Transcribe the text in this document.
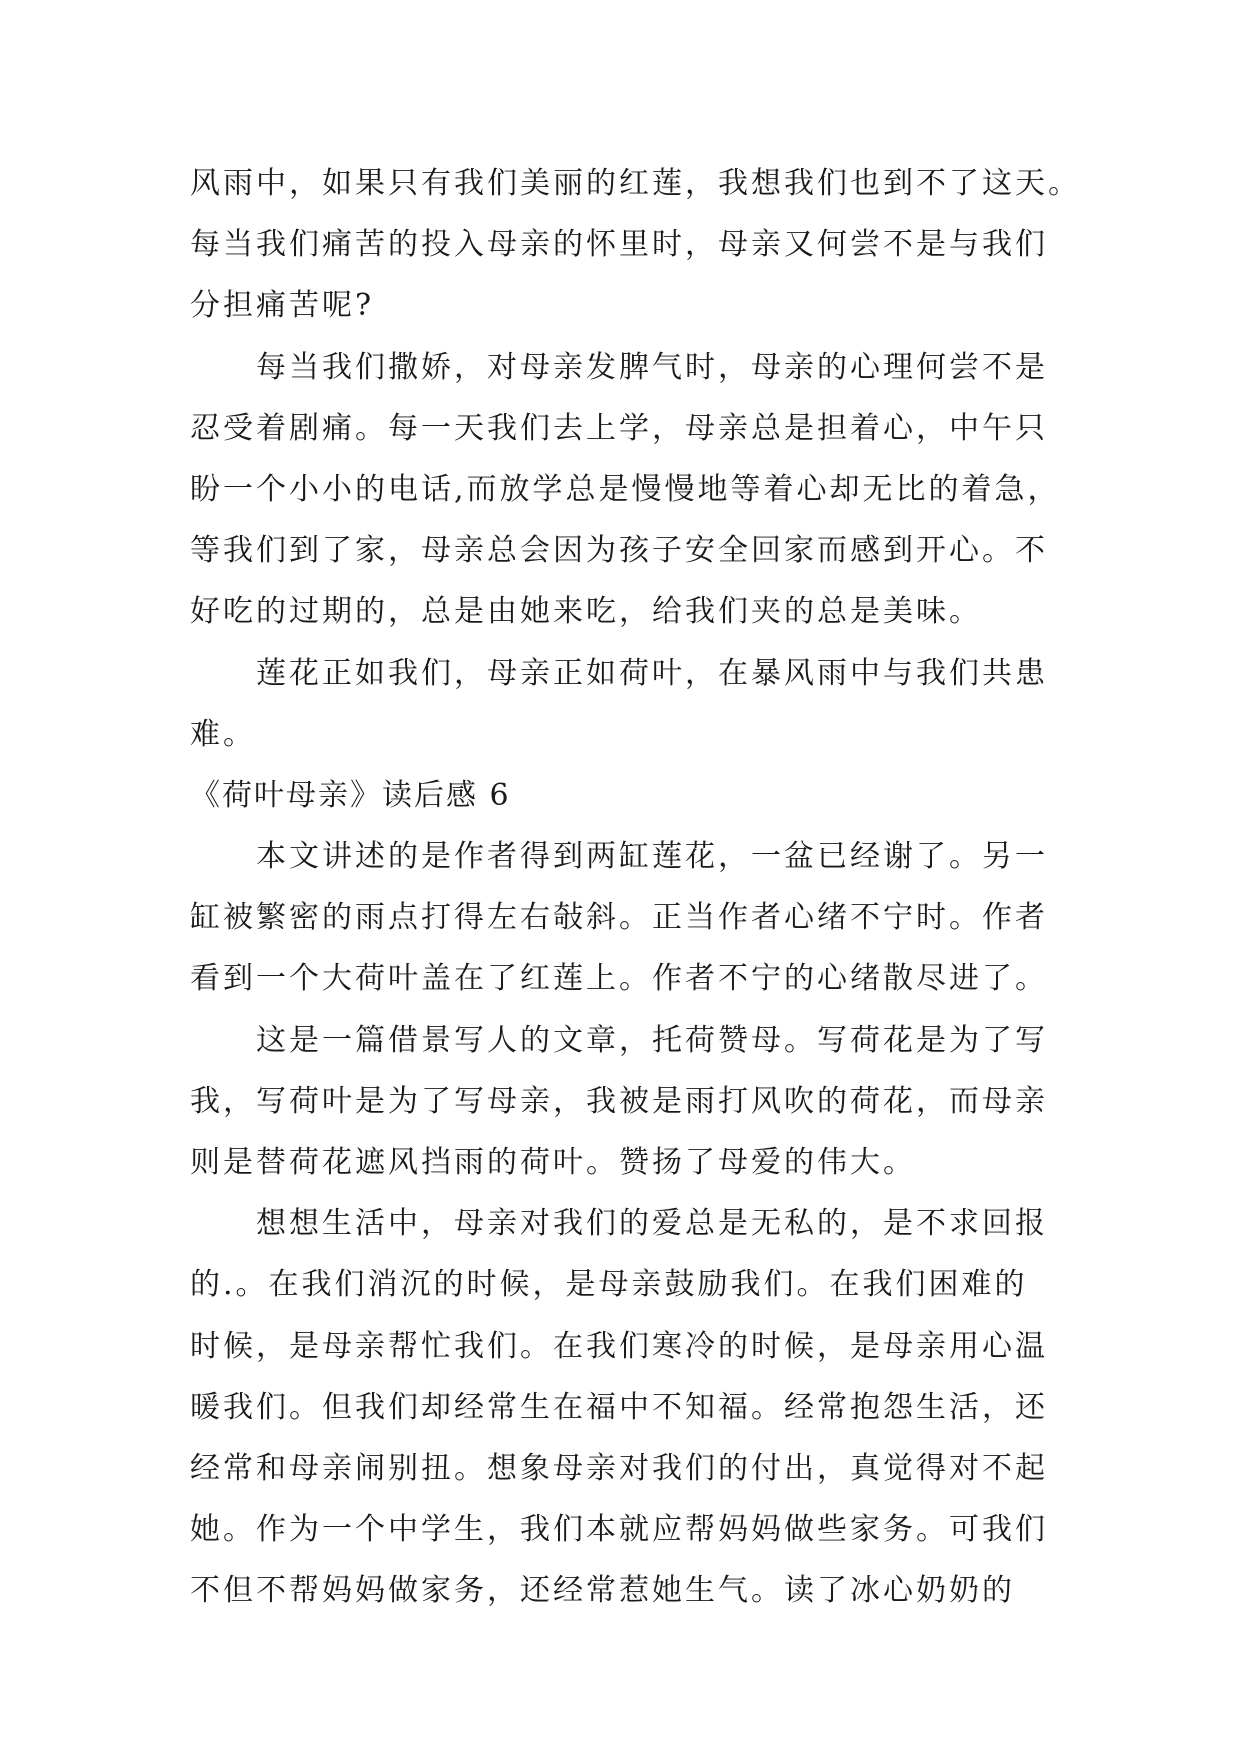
风雨中，如果只有我们美丽的红莲，我想我们也到不了这天。
每当我们痛苦的投入母亲的怀里时，母亲又何尝不是与我们
分担痛苦呢?
每当我们撒娇，对母亲发脾气时，母亲的心理何尝不是
忍受着剧痛。每一天我们去上学，母亲总是担着心，中午只
盼一个小小的电话,而放学总是慢慢地等着心却无比的着急，
等我们到了家，母亲总会因为孩子安全回家而感到开心。不
好吃的过期的，总是由她来吃，给我们夹的总是美味。
莲花正如我们，母亲正如荷叶，在暴风雨中与我们共患
难。
《荷叶母亲》读后感 6
本文讲述的是作者得到两缸莲花，一盆已经谢了。另一
缸被繁密的雨点打得左右敧斜。正当作者心绪不宁时。作者
看到一个大荷叶盖在了红莲上。作者不宁的心绪散尽进了。
这是一篇借景写人的文章，托荷赞母。写荷花是为了写
我，写荷叶是为了写母亲，我被是雨打风吹的荷花，而母亲
则是替荷花遮风挡雨的荷叶。赞扬了母爱的伟大。
想想生活中，母亲对我们的爱总是无私的，是不求回报
的.。在我们消沉的时候，是母亲鼓励我们。在我们困难的
时候，是母亲帮忙我们。在我们寒冷的时候，是母亲用心温
暖我们。但我们却经常生在福中不知福。经常抱怨生活，还
经常和母亲闹别扭。想象母亲对我们的付出，真觉得对不起
她。作为一个中学生，我们本就应帮妈妈做些家务。可我们
不但不帮妈妈做家务，还经常惹她生气。读了冰心奶奶的
